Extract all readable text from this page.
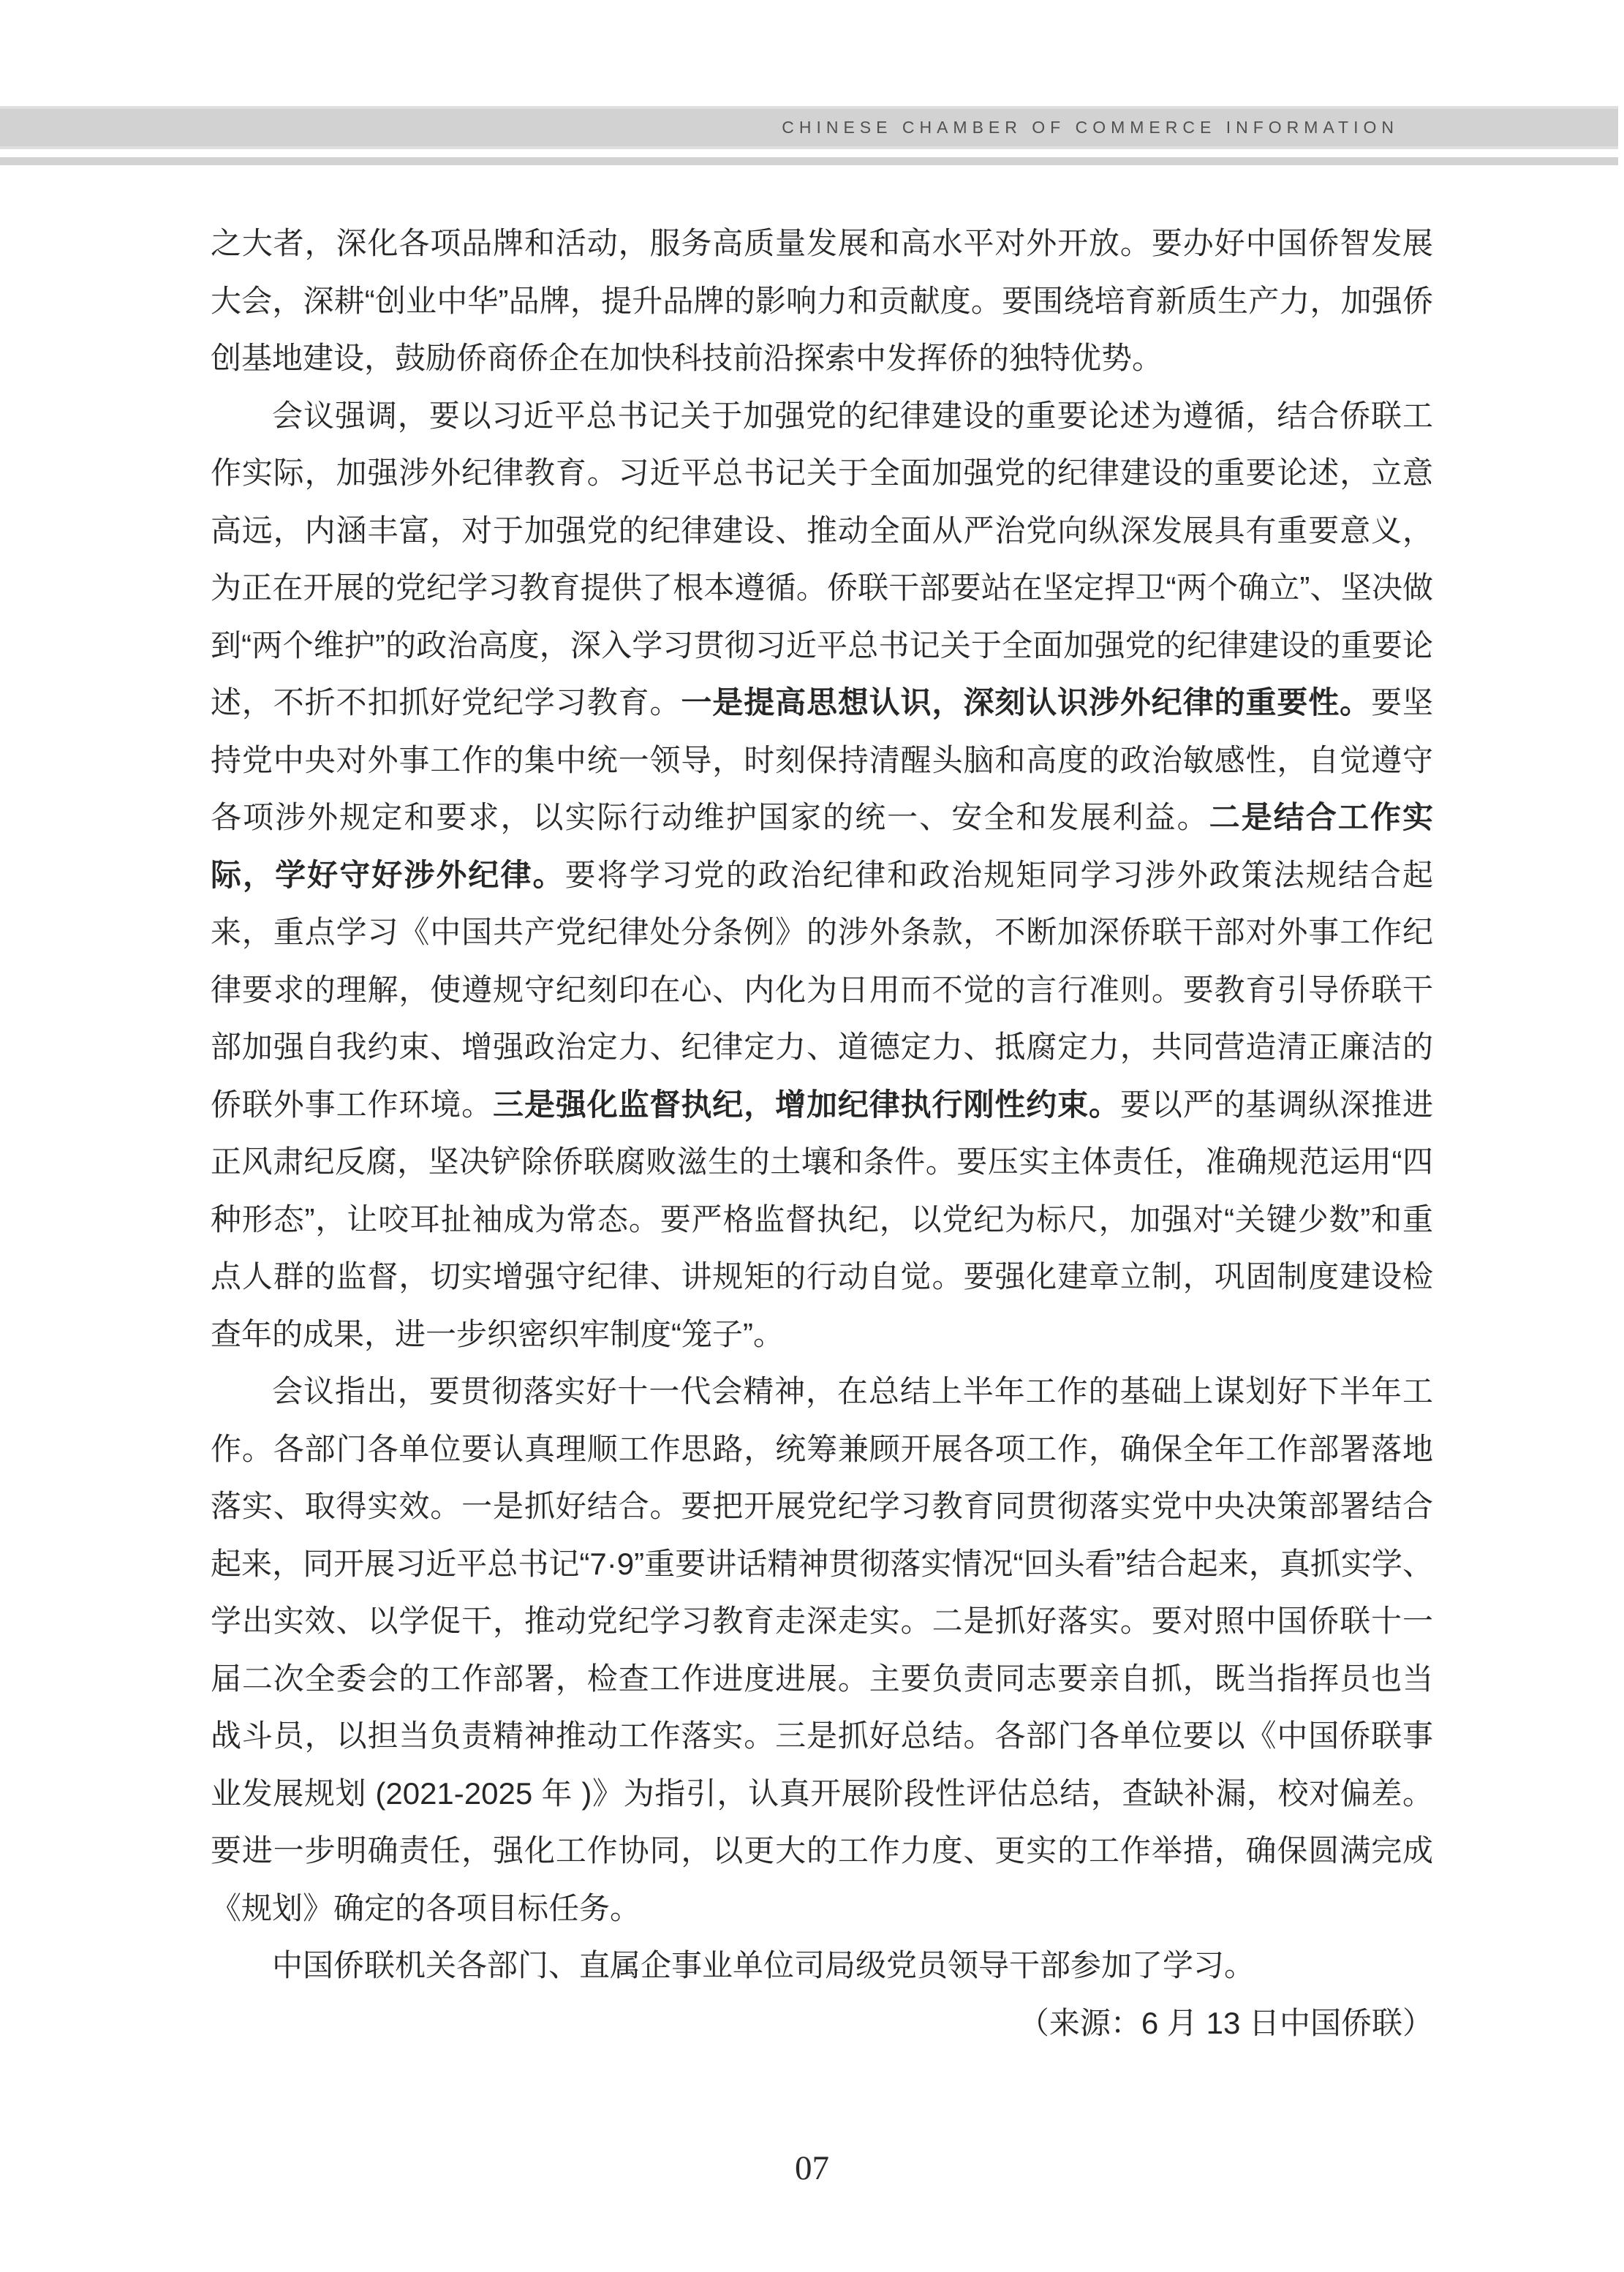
CHINESE CHAMBER OF COMMERCE INFORMATION

之大者，深化各项品牌和活动，服务高质量发展和高水平对外开放。要办好中国侨智发展大会，深耕“创业中华”品牌，提升品牌的影响力和贡献度。要围绕培育新质生产力，加强侨创基地建设，鼓励侨商侨企在加快科技前沿探索中发挥侨的独特优势。

会议强调，要以习近平总书记关于加强党的纪律建设的重要论述为遵循，结合侨联工作实际，加强涉外纪律教育。习近平总书记关于全面加强党的纪律建设的重要论述，立意高远，内涵丰富，对于加强党的纪律建设、推动全面从严治党向纵深发展具有重要意义，为正在开展的党纪学习教育提供了根本遵循。侨联干部要站在坚定捍卫“两个确立”、坚决做到“两个维护”的政治高度，深入学习贯彻习近平总书记关于全面加强党的纪律建设的重要论述，不折不扣抓好党纪学习教育。一是提高思想认识，深刻认识涉外纪律的重要性。要坚持党中央对外事工作的集中统一领导，时刻保持清醒头脑和高度的政治敏感性，自觉遵守各项涉外规定和要求，以实际行动维护国家的统一、安全和发展利益。二是结合工作实际，学好守好涉外纪律。要将学习党的政治纪律和政治规矩同学习涉外政策法规结合起来，重点学习《中国共产党纪律处分条例》的涉外条款，不断加深侨联干部对外事工作纪律要求的理解，使遵规守纪刻印在心、内化为日用而不觉的言行准则。要教育引导侨联干部加强自我约束、增强政治定力、纪律定力、道德定力、抵腐定力，共同营造清正廉洁的侨联外事工作环境。三是强化监督执纪，增加纪律执行刚性约束。要以严的基调纵深推进正风肃纪反腐，坚决铲除侨联腐败滋生的土壤和条件。要压实主体责任，准确规范运用“四种形态”，让咬耳扯袖成为常态。要严格监督执纪，以党纪为标尺，加强对“关键少数”和重点人群的监督，切实增强守纪律、讲规矩的行动自觉。要强化建章立制，巩固制度建设检查年的成果，进一步织密织牢制度“笼子”。

会议指出，要贯彻落实好十一代会精神，在总结上半年工作的基础上谋划好下半年工作。各部门各单位要认真理顺工作思路，统筹兼顾开展各项工作，确保全年工作部署落地落实、取得实效。一是抓好结合。要把开展党纪学习教育同贯彻落实党中央决策部署结合起来，同开展习近平总书记“7·9”重要讲话精神贯彻落实情况“回头看”结合起来，真抓实学、学出实效、以学促干，推动党纪学习教育走深走实。二是抓好落实。要对照中国侨联十一届二次全委会的工作部署，检查工作进度进展。主要负责同志要亲自抓，既当指挥员也当战斗员，以担当负责精神推动工作落实。三是抓好总结。各部门各单位要以《中国侨联事业发展规划 (2021-2025 年 )》为指引，认真开展阶段性评估总结，查缺补漏，校对偏差。要进一步明确责任，强化工作协同，以更大的工作力度、更实的工作举措，确保圆满完成《规划》确定的各项目标任务。

中国侨联机关各部门、直属企事业单位司局级党员领导干部参加了学习。

（来源：6 月 13 日中国侨联）

07
